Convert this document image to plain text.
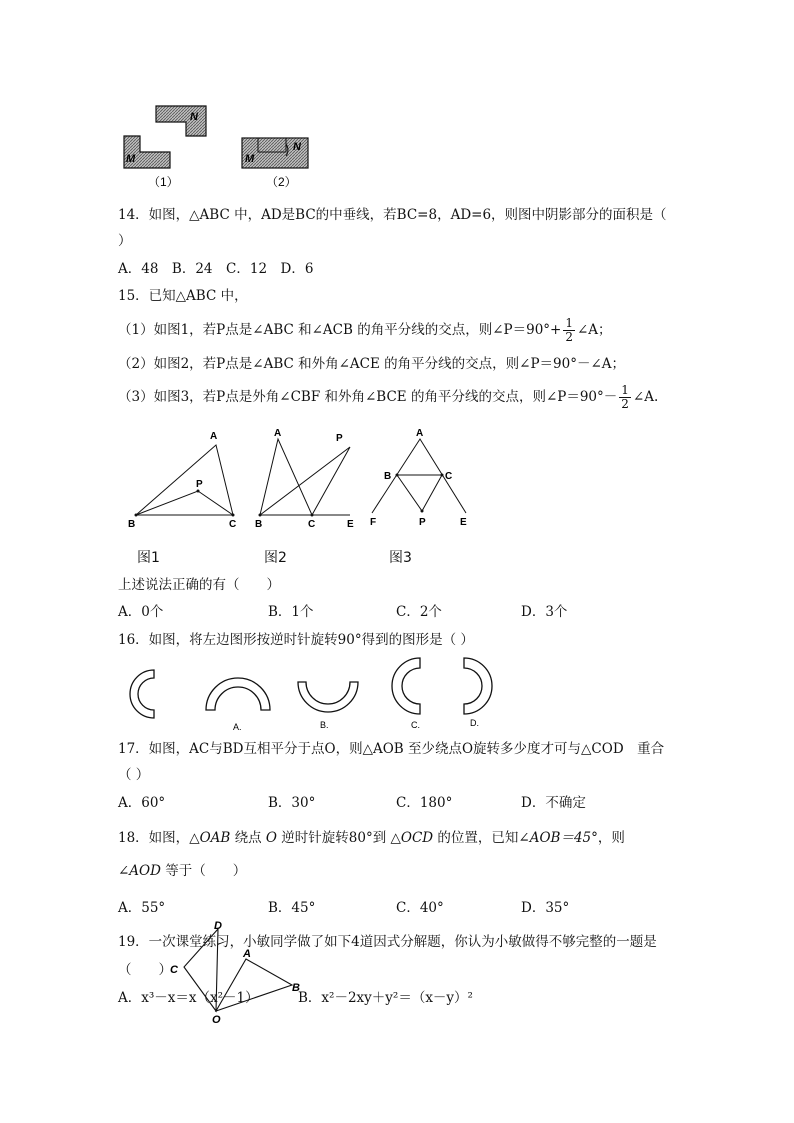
N
M
（1）
M
N
（2）
14．如图，△ABC 中，AD是BC的中垂线，若BC=8，AD=6，则图中阴影部分的面积是（
）
A．48　B．24　C．12　D．6
15．已知△ABC 中，
（1）如图1，若P点是∠ABC 和∠ACB 的角平分线的交点，则∠P＝90°+ $\frac{1}{2}$ ∠A；
（2）如图2，若P点是∠ABC 和外角∠ACE 的角平分线的交点，则∠P＝90°－∠A；
（3）如图3，若P点是外角∠CBF 和外角∠BCE 的角平分线的交点，则∠P＝90°－ $\frac{1}{2}$ ∠A.
A
B	C
P
A	P
B	C	E
A
B	C
F	P	E
图1	图2	图3
上述说法正确的有（　　）
A．0个	B．1个	C．2个	D．3个
16．如图，将左边图形按逆时针旋转90°得到的图形是（ ）
A.	B.	C.	D.
17．如图，AC与BD互相平分于点O，则△AOB 至少绕点O旋转多少度才可与△COD　重合
（ ）
A．60°	B．30°	C．180°	D．不确定
18．如图，△OAB 绕点 O 逆时针旋转80°到 △OCD 的位置，已知∠AOB＝45°，则
∠AOD 等于（　　）
A．55°	B．45°	C．40°	D．35°
19．一次课堂练习，小敏同学做了如下4道因式分解题，你认为小敏做得不够完整的一题是
（　　）
A．x³－x＝x（x²－1）	B．x²－2xy＋y²＝（x－y）²
D
A
C
B
O
